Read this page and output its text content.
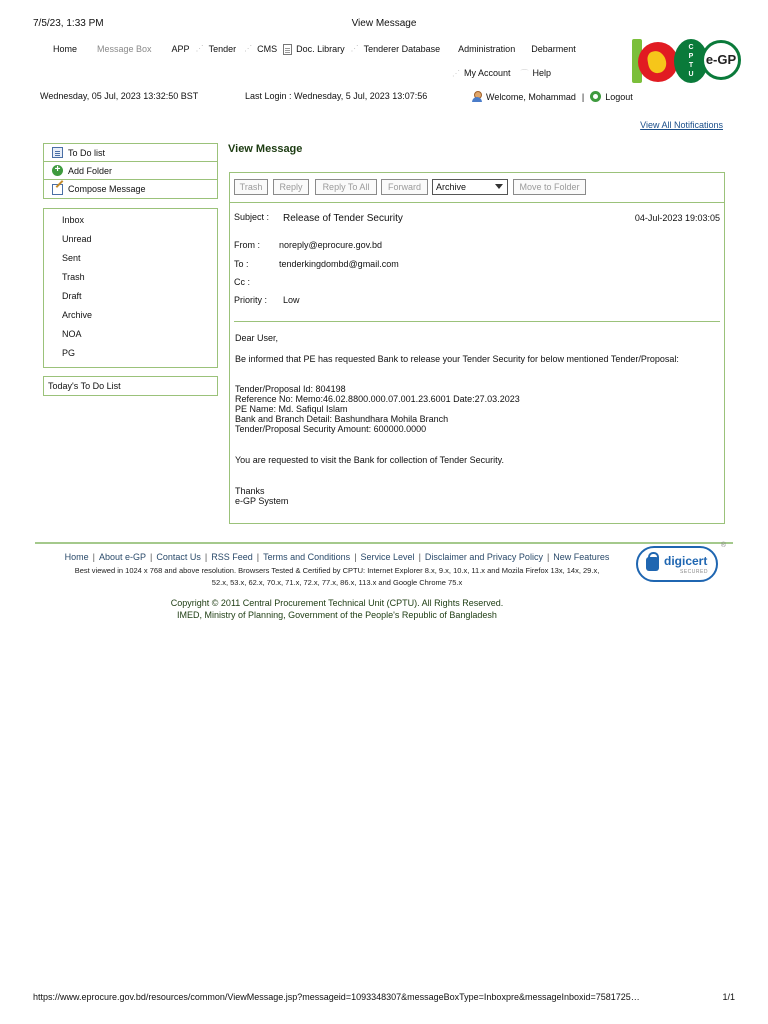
7/5/23, 1:33 PM	View Message
Home Message Box APP ⋰ Tender ⋰ CMS Doc. Library ⋰ Tenderer Database Administration Debarment
⋰ My Account ⌒ Help
C
P
T
U
e-GP
Wednesday, 05 Jul, 2023 13:32:50 BST	Last Login : Wednesday, 5 Jul, 2023 13:07:56	Welcome, Mohammad | Logout
View All Notifications
To Do list
+
Add Folder
Compose Message
Inbox
Unread
Sent
Trash
Draft
Archive
NOA
PG
Today's To Do List
View Message
Trash	Reply	Reply To All	Forward	Archive	Move to Folder
Subject : Release of Tender Security	04-Jul-2023 19:03:05
From : noreply@eprocure.gov.bd
To :	tenderkingdombd@gmail.com
Cc :
Priority : Low

Dear User,

Be informed that PE has requested Bank to release your Tender Security for below mentioned Tender/Proposal:

Tender/Proposal Id: 804198

Reference No: Memo:46.02.8800.000.07.001.23.6001 Date:27.03.2023

PE Name: Md. Safiqul Islam

Bank and Branch Detail: Bashundhara Mohila Branch

Tender/Proposal Security Amount: 600000.0000

You are requested to visit the Bank for collection of Tender Security.

Thanks

e-GP System

Home | About e-GP | Contact Us | RSS Feed | Terms and Conditions | Service Level | Disclaimer and Privacy Policy | New Features
Best viewed in 1024 x 768 and above resolution. Browsers Tested & Certified by CPTU: Internet Explorer 8.x, 9.x, 10.x, 11.x and Mozila Firefox 13x, 14x, 29.x,
52.x, 53.x, 62.x, 70.x, 71.x, 72.x, 77.x, 86.x, 113.x and Google Chrome 75.x
Copyright © 2011 Central Procurement Technical Unit (CPTU). All Rights Reserved.
IMED, Ministry of Planning, Government of the People's Republic of Bangladesh
digicert
SECURED
®
https://www.eprocure.gov.bd/resources/common/ViewMessage.jsp?messageid=1093348307&messageBoxType=Inboxpre&messageInboxid=7581725…	1/1
